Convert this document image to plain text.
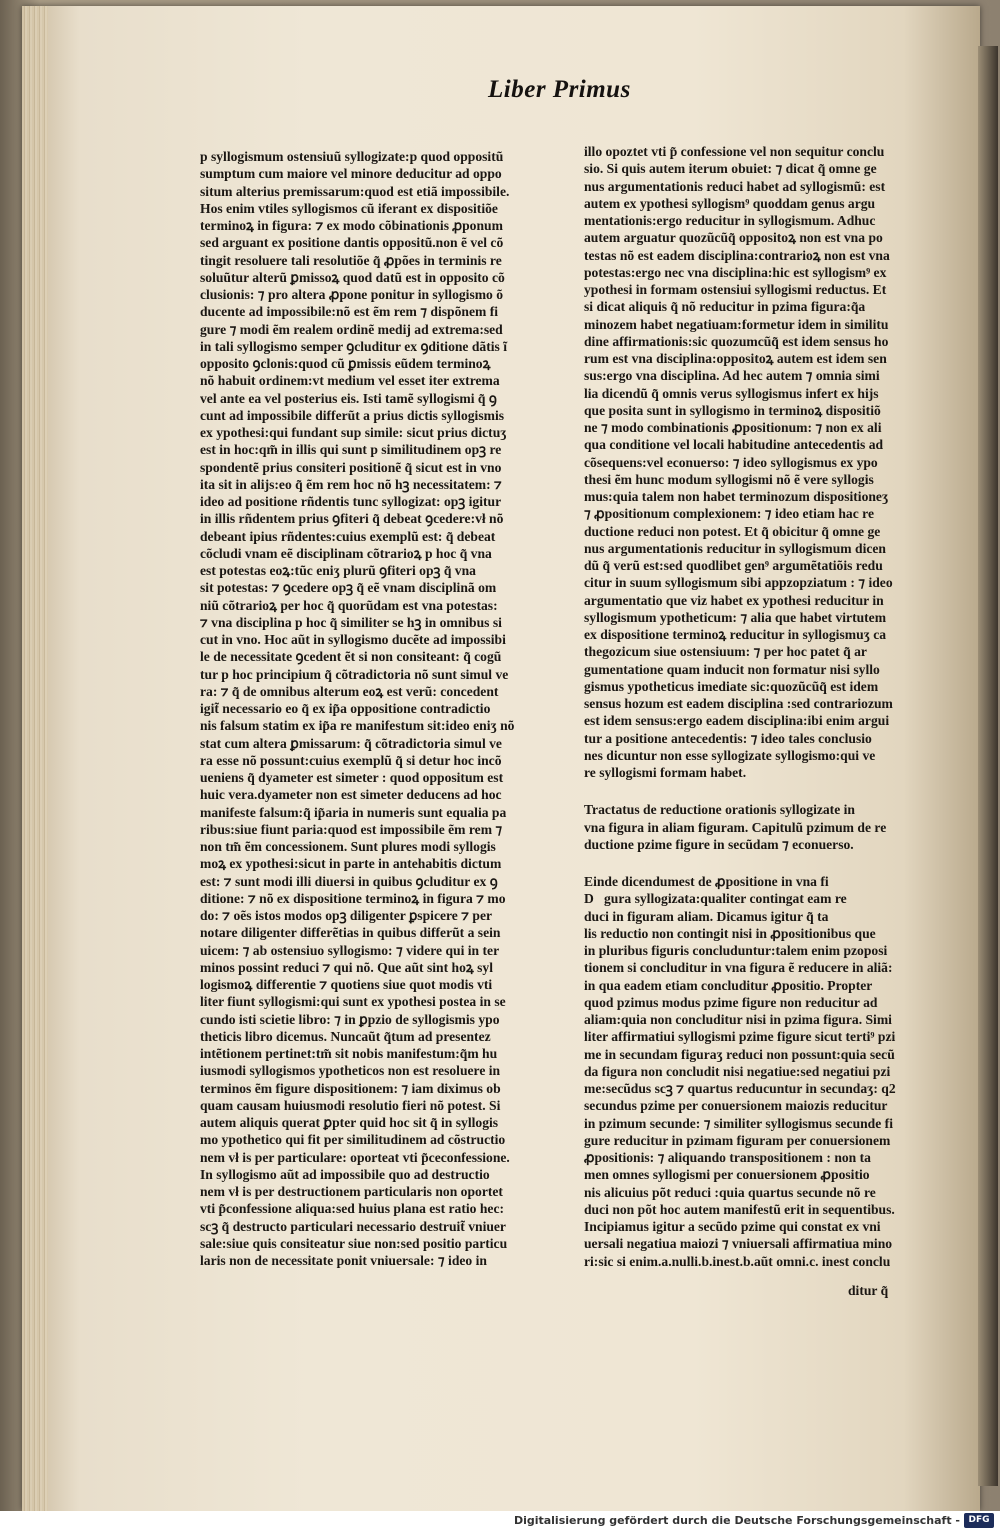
Liber Primus
p syllogismum ostensiuũ syllogizate:p quod oppositũ
sumptum cum maiore vel minore deducitur ad oppo
situm alterius premissarum:quod est etiã impossibile.
Hos enim vtiles syllogismos cũ iferant ex dispositiõe
terminoꝝ in figura: ⁊ ex modo cõbinationis ꝓponum
sed arguant ex positione dantis oppositũ.non ẽ vel cõ
tingit resoluere tali resolutiõe q̃ ꝓpões in terminis re
soluũtur alterũ ꝑmissoꝝ quod datũ est in opposito cõ
clusionis: ⁊ pro altera ꝓpone ponitur in syllogismo õ
ducente ad impossibile:nõ est ẽm rem ⁊ dispõnem fi
gure ⁊ modi ẽm realem ordinẽ medij ad extrema:sed
in tali syllogismo semper ꝯcluditur ex ꝯditione dãtis ĩ
opposito ꝯclonis:quod cũ ꝑmissis eũdem terminoꝝ
nõ habuit ordinem:vt medium vel esset iter extrema
vel ante ea vel posterius eis. Isti tamẽ syllogismi q̃ ꝯ
cunt ad impossibile differũt a prius dictis syllogismis
ex ypothesi:qui fundant sup simile: sicut prius dictuʒ
est in hoc:qm̃ in illis qui sunt p similitudinem opꝫ re
spondentẽ prius consiteri positionẽ q̃ sicut est in vno
ita sit in alijs:eo q̃ ẽm rem hoc nõ hꝫ necessitatem: ⁊
ideo ad positione rñdentis tunc syllogizat: opꝫ igitur
in illis rñdentem prius ꝯfiteri q̃ debeat ꝯcedere:vł nõ
debeant ipius rñdentes:cuius exemplũ est: q̃ debeat
cõcludi vnam eẽ disciplinam cõtrarioꝝ p hoc q̃ vna
est potestas eoꝝ:tũc eniʒ plurũ ꝯfiteri opꝫ q̃ vna
sit potestas: ⁊ ꝯcedere opꝫ q̃ eẽ vnam disciplinã om
niũ cõtrarioꝝ per hoc q̃ quorũdam est vna potestas:
⁊ vna disciplina p hoc q̃ similiter se hꝫ in omnibus si
cut in vno. Hoc aũt in syllogismo ducẽte ad impossibi
le de necessitate ꝯcedent ẽt si non consiteant: q̃ cogũ
tur p hoc principium q̃ cõtradictoria nõ sunt simul ve
ra: ⁊ q̃ de omnibus alterum eoꝝ est verũ: concedent
igit̃ necessario eo q̃ ex ip̃a oppositione contradictio
nis falsum statim ex ip̃a re manifestum sit:ideo eniʒ nõ
stat cum altera ꝑmissarum: q̃ cõtradictoria simul ve
ra esse nõ possunt:cuius exemplũ q̃ si detur hoc incõ
ueniens q̃ dyameter est simeter : quod oppositum est
huic vera.dyameter non est simeter deducens ad hoc
manifeste falsum:q̃ ip̃aria in numeris sunt equalia pa
ribus:siue fiunt paria:quod est impossibile ẽm rem ⁊
non tm̃ ẽm concessionem. Sunt plures modi syllogis
moꝝ ex ypothesi:sicut in parte in antehabitis dictum
est: ⁊ sunt modi illi diuersi in quibus ꝯcluditur ex ꝯ
ditione: ⁊ nõ ex dispositione terminoꝝ in figura ⁊ mo
do: ⁊ oẽs istos modos opꝫ diligenter ꝑspicere ⁊ per
notare diligenter differẽtias in quibus differũt a sein
uicem: ⁊ ab ostensiuo syllogismo: ⁊ videre qui in ter
minos possint reduci ⁊ qui nõ. Que aũt sint hoꝝ syl
logismoꝝ differentie ⁊ quotiens siue quot modis vti
liter fiunt syllogismi:qui sunt ex ypothesi postea in se
cundo isti scietie libro: ⁊ in ꝑpzio de syllogismis ypo
theticis libro dicemus. Nuncaũt q̃tum ad presentez
intẽtionem pertinet:tm̃ sit nobis manifestum:q̃m hu
iusmodi syllogismos ypotheticos non est resoluere in
terminos ẽm figure dispositionem: ⁊ iam diximus ob
quam causam huiusmodi resolutio fieri nõ potest. Si
autem aliquis querat ꝑpter quid hoc sit q̃ in syllogis
mo ypothetico qui fit per similitudinem ad cõstructio
nem vł is per particulare: oporteat vti p̃ceconfessione.
In syllogismo aũt ad impossibile quo ad destructio
nem vł is per destructionem particularis non oportet
vti p̃confessione aliqua:sed huius plana est ratio hec:
scꝫ q̃ destructo particulari necessario destruit̃ vniuer
sale:siue quis consiteatur siue non:sed positio particu
laris non de necessitate ponit vniuersale: ⁊ ideo in
illo opoztet vti p̃ confessione vel non sequitur conclu
sio. Si quis autem iterum obuiet: ⁊ dicat q̃ omne ge
nus argumentationis reduci habet ad syllogismũ: est
autem ex ypothesi syllogism⁹ quoddam genus argu
mentationis:ergo reducitur in syllogismum. Adhuc
autem arguatur quozũcũq̃ oppositoꝝ non est vna po
testas nõ est eadem disciplina:contrarioꝝ non est vna
potestas:ergo nec vna disciplina:hic est syllogism⁹ ex
ypothesi in formam ostensiui syllogismi reductus. Et
si dicat aliquis q̃ nõ reducitur in pzima figura:q̃a
minozem habet negatiuam:formetur idem in similitu
dine affirmationis:sic quozumcũq̃ est idem sensus ho
rum est vna disciplina:oppositoꝝ autem est idem sen
sus:ergo vna disciplina. Ad hec autem ⁊ omnia simi
lia dicendũ q̃ omnis verus syllogismus infert ex hijs
que posita sunt in syllogismo in terminoꝝ dispositiõ
ne ⁊ modo combinationis ꝓpositionum: ⁊ non ex ali
qua conditione vel locali habitudine antecedentis ad
cõsequens:vel econuerso: ⁊ ideo syllogismus ex ypo
thesi ẽm hunc modum syllogismi nõ ẽ vere syllogis
mus:quia talem non habet terminozum dispositioneʒ
⁊ ꝓpositionum complexionem: ⁊ ideo etiam hac re
ductione reduci non potest. Et q̃ obicitur q̃ omne ge
nus argumentationis reducitur in syllogismum dicen
dũ q̃ verũ est:sed quodlibet gen⁹ argumẽtatiõis redu
citur in suum syllogismum sibi appzopziatum : ⁊ ideo
argumentatio que viz habet ex ypothesi reducitur in
syllogismum ypotheticum: ⁊ alia que habet virtutem
ex dispositione terminoꝝ reducitur in syllogismuʒ ca
thegozicum siue ostensiuum: ⁊ per hoc patet q̃ ar
gumentatione quam inducit non formatur nisi syllo
gismus ypotheticus imediate sic:quozũcũq̃ est idem
sensus hozum est eadem disciplina :sed contrariozum
est idem sensus:ergo eadem disciplina:ibi enim argui
tur a positione antecedentis: ⁊ ideo tales conclusio
nes dicuntur non esse syllogizate syllogismo:qui ve
re syllogismi formam habet.
Tractatus de reductione orationis syllogizate in
vna figura in aliam figuram. Capitulũ pzimum de re
ductione pzime figure in secũdam ⁊ econuerso.
Einde dicendumest de ꝓpositione in vna fi
D gura syllogizata:qualiter contingat eam re
duci in figuram aliam. Dicamus igitur q̃ ta
lis reductio non contingit nisi in ꝓpositionibus que
in pluribus figuris concluduntur:talem enim pzoposi
tionem si concluditur in vna figura ẽ reducere in aliã:
in qua eadem etiam concluditur ꝓpositio. Propter
quod pzimus modus pzime figure non reducitur ad
aliam:quia non concluditur nisi in pzima figura. Simi
liter affirmatiui syllogismi pzime figure sicut terti⁹ pzi
me in secundam figuraʒ reduci non possunt:quia secũ
da figura non concludit nisi negatiue:sed negatiui pzi
me:secũdus scꝫ ⁊ quartus reducuntur in secundaʒ: q2
secundus pzime per conuersionem maiozis reducitur
in pzimum secunde: ⁊ similiter syllogismus secunde fi
gure reducitur in pzimam figuram per conuersionem
ꝓpositionis: ⁊ aliquando transpositionem : non ta
men omnes syllogismi per conuersionem ꝓpositio
nis alicuius põt reduci :quia quartus secunde nõ re
duci non põt hoc autem manifestũ erit in sequentibus.
Incipiamus igitur a secũdo pzime qui constat ex vni
uersali negatiua maiozi ⁊ vniuersali affirmatiua mino
ri:sic si enim.a.nulli.b.inest.b.aũt omni.c. inest conclu
ditur q̃
Digitalisierung gefördert durch die Deutsche Forschungsgemeinschaft - DFG
